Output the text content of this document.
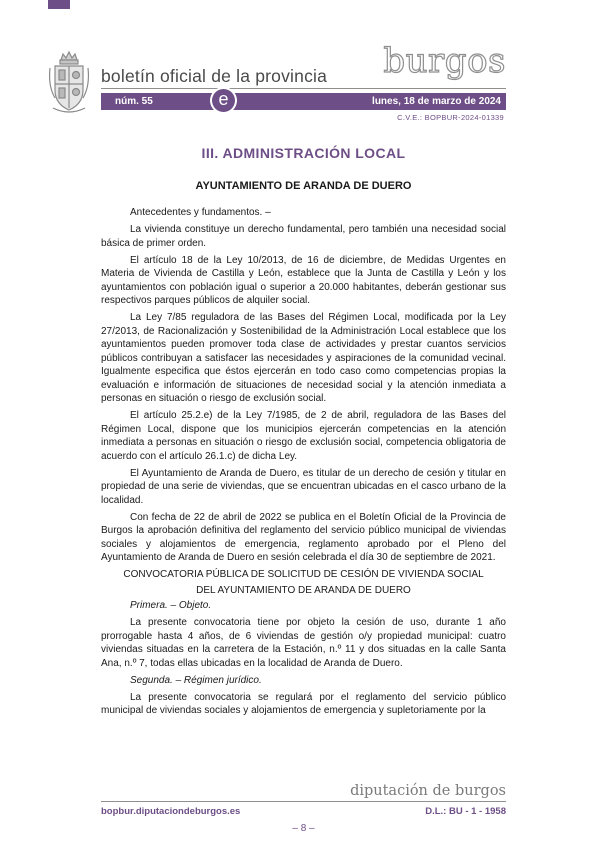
boletín oficial de la provincia burgos
núm. 55	lunes, 18 de marzo de 2024
e
C.V.E.: BOPBUR-2024-01339
III. ADMINISTRACIÓN LOCAL
AYUNTAMIENTO DE ARANDA DE DUERO

Antecedentes y fundamentos. –

La vivienda constituye un derecho fundamental, pero también una necesidad social básica de primer orden.

El artículo 18 de la Ley 10/2013, de 16 de diciembre, de Medidas Urgentes en Materia de Vivienda de Castilla y León, establece que la Junta de Castilla y León y los ayuntamientos con población igual o superior a 20.000 habitantes, deberán gestionar sus respectivos parques públicos de alquiler social.

La Ley 7/85 reguladora de las Bases del Régimen Local, modificada por la Ley 27/2013, de Racionalización y Sostenibilidad de la Administración Local establece que los ayuntamientos pueden promover toda clase de actividades y prestar cuantos servicios públicos contribuyan a satisfacer las necesidades y aspiraciones de la comunidad vecinal. Igualmente especifica que éstos ejercerán en todo caso como competencias propias la evaluación e información de situaciones de necesidad social y la atención inmediata a personas en situación o riesgo de exclusión social.

El artículo 25.2.e) de la Ley 7/1985, de 2 de abril, reguladora de las Bases del Régimen Local, dispone que los municipios ejercerán competencias en la atención inmediata a personas en situación o riesgo de exclusión social, competencia obligatoria de acuerdo con el artículo 26.1.c) de dicha Ley.

El Ayuntamiento de Aranda de Duero, es titular de un derecho de cesión y titular en propiedad de una serie de viviendas, que se encuentran ubicadas en el casco urbano de la localidad.

Con fecha de 22 de abril de 2022 se publica en el Boletín Oficial de la Provincia de Burgos la aprobación definitiva del reglamento del servicio público municipal de viviendas sociales y alojamientos de emergencia, reglamento aprobado por el Pleno del Ayuntamiento de Aranda de Duero en sesión celebrada el día 30 de septiembre de 2021.

CONVOCATORIA PÚBLICA DE SOLICITUD DE CESIÓN DE VIVIENDA SOCIAL

DEL AYUNTAMIENTO DE ARANDA DE DUERO

Primera. – Objeto.

La presente convocatoria tiene por objeto la cesión de uso, durante 1 año prorrogable hasta 4 años, de 6 viviendas de gestión o/y propiedad municipal: cuatro viviendas situadas en la carretera de la Estación, n.º 11 y dos situadas en la calle Santa Ana, n.º 7, todas ellas ubicadas en la localidad de Aranda de Duero.

Segunda. – Régimen jurídico.

La presente convocatoria se regulará por el reglamento del servicio público municipal de viviendas sociales y alojamientos de emergencia y supletoriamente por la

diputación de burgos
bopbur.diputaciondeburgos.es	D.L.: BU - 1 - 1958
– 8 –
